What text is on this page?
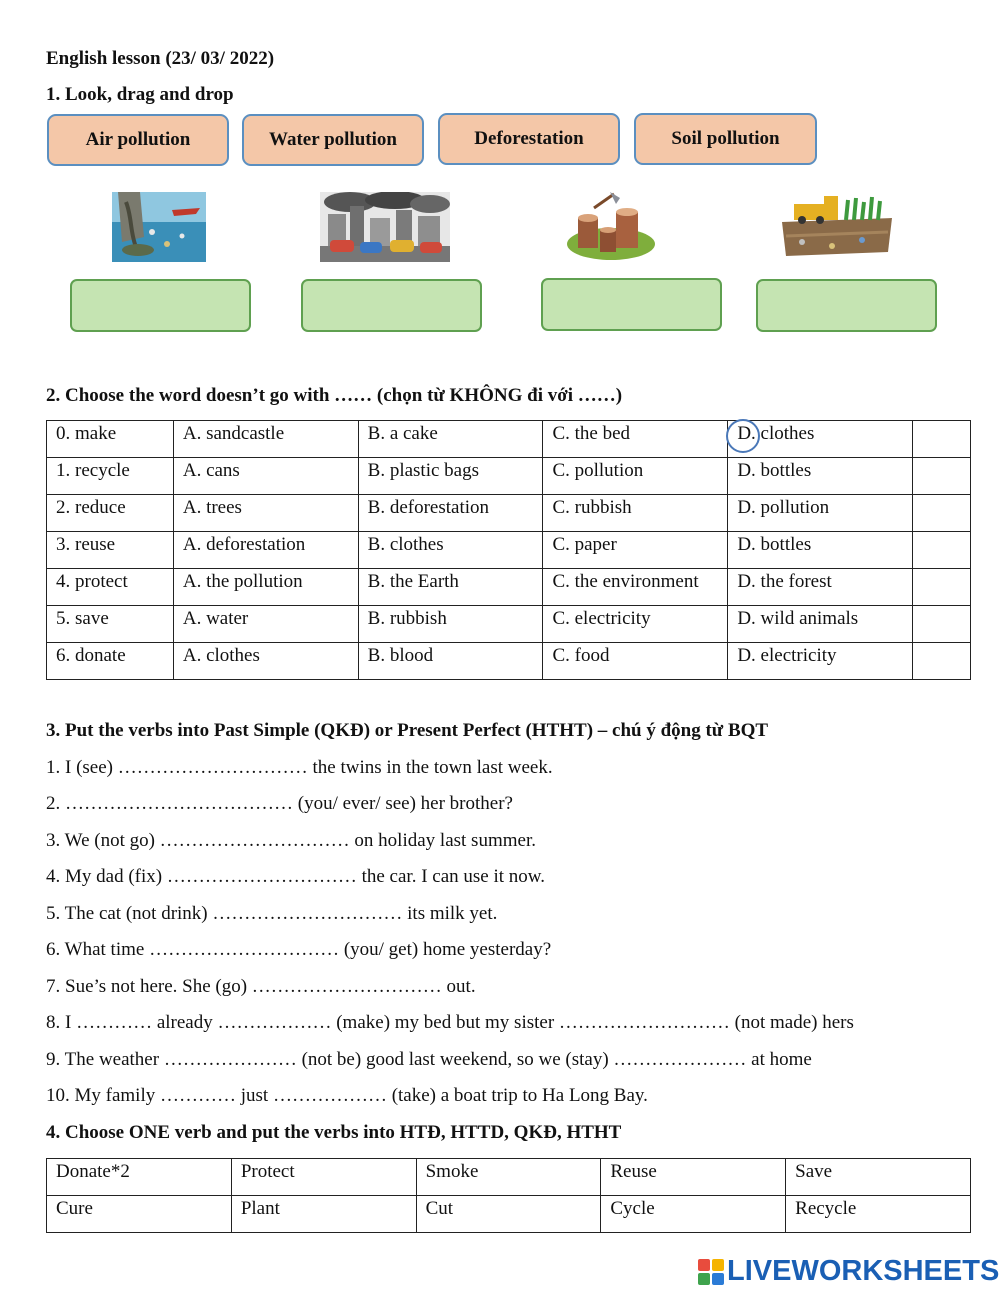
English lesson (23/ 03/ 2022)
1. Look, drag and drop
Air pollution	Water pollution	Deforestation	Soil pollution
2. Choose the word doesn’t go with …… (chọn từ KHÔNG đi với ……)
0. make	A. sandcastle	B. a cake	C. the bed	D. clothes	
1. recycle	A. cans	B. plastic bags	C. pollution	D. bottles	
2. reduce	A. trees	B. deforestation	C. rubbish	D. pollution	
3. reuse	A. deforestation	B. clothes	C. paper	D. bottles	
4. protect	A. the pollution	B. the Earth	C. the environment	D. the forest	
5. save	A. water	B. rubbish	C. electricity	D. wild animals	
6. donate	A. clothes	B. blood	C. food	D. electricity	
3. Put the verbs into Past Simple (QKĐ) or Present Perfect (HTHT) – chú ý động từ BQT
1. I (see) ………………………… the twins in the town last week.
2. ……………………………… (you/ ever/ see) her brother?
3. We (not go) ………………………… on holiday last summer.
4. My dad (fix) ………………………… the car. I can use it now.
5. The cat (not drink) ………………………… its milk yet.
6. What time ………………………… (you/ get) home yesterday?
7. Sue’s not here. She (go) ………………………… out.
8. I ………… already ……………… (make) my bed but my sister ……………………… (not made) hers
9. The weather ………………… (not be) good last weekend, so we (stay) ………………… at home
10. My family ………… just ……………… (take) a boat trip to Ha Long Bay.
4. Choose ONE verb and put the verbs into HTĐ, HTTD, QKĐ, HTHT
Donate*2	Protect	Smoke	Reuse	Save
Cure	Plant	Cut	Cycle	Recycle
LIVEWORKSHEETS
